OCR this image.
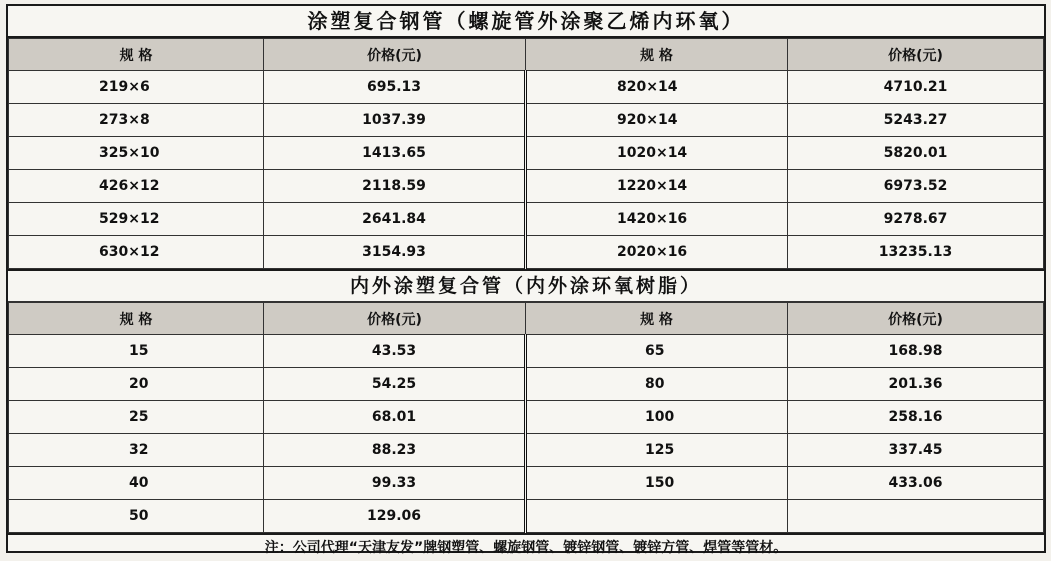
涂塑复合钢管（螺旋管外涂聚乙烯内环氧）
规 格	价格(元)	规 格	价格(元)
219×6	695.13	820×14	4710.21
273×8	1037.39	920×14	5243.27
325×10	1413.65	1020×14	5820.01
426×12	2118.59	1220×14	6973.52
529×12	2641.84	1420×16	9278.67
630×12	3154.93	2020×16	13235.13
内外涂塑复合管（内外涂环氧树脂）
规 格	价格(元)	规 格	价格(元)
15	43.53	65	168.98
20	54.25	80	201.36
25	68.01	100	258.16
32	88.23	125	337.45
40	99.33	150	433.06
50	129.06		
注：公司代理“天津友发”牌钢塑管、螺旋钢管、镀锌钢管、镀锌方管、焊管等管材。
